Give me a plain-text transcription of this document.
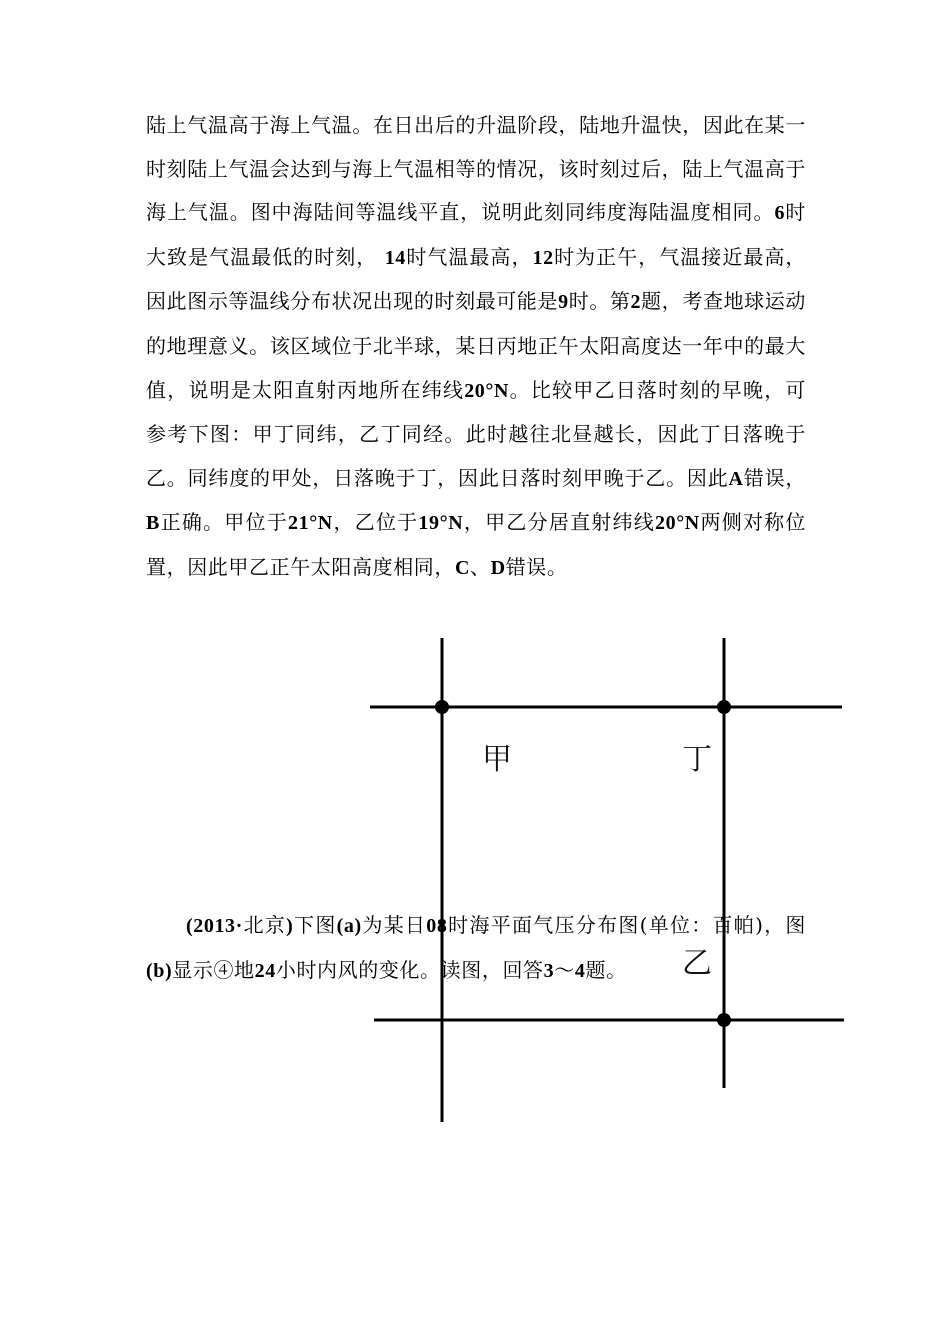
陆上气温高于海上气温。在日出后的升温阶段，陆地升温快，因此在某一时刻陆上气温会达到与海上气温相等的情况，该时刻过后，陆上气温高于海上气温。图中海陆间等温线平直，说明此刻同纬度海陆温度相同。6时大致是气温最低的时刻， 14时气温最高，12时为正午，气温接近最高，因此图示等温线分布状况出现的时刻最可能是9时。第2题，考查地球运动的地理意义。该区域位于北半球，某日丙地正午太阳高度达一年中的最大值，说明是太阳直射丙地所在纬线20°N。比较甲乙日落时刻的早晚，可参考下图：甲丁同纬，乙丁同经。此时越往北昼越长，因此丁日落晚于乙。同纬度的甲处，日落晚于丁，因此日落时刻甲晚于乙。因此A错误，B正确。甲位于21°N，乙位于19°N，甲乙分居直射纬线20°N两侧对称位置，因此甲乙正午太阳高度相同，C、D错误。

甲	丁
乙

(2013·北京)下图(a)为某日08时海平面气压分布图(单位：百帕)，图(b)显示④地24小时内风的变化。读图，回答3～4题。
